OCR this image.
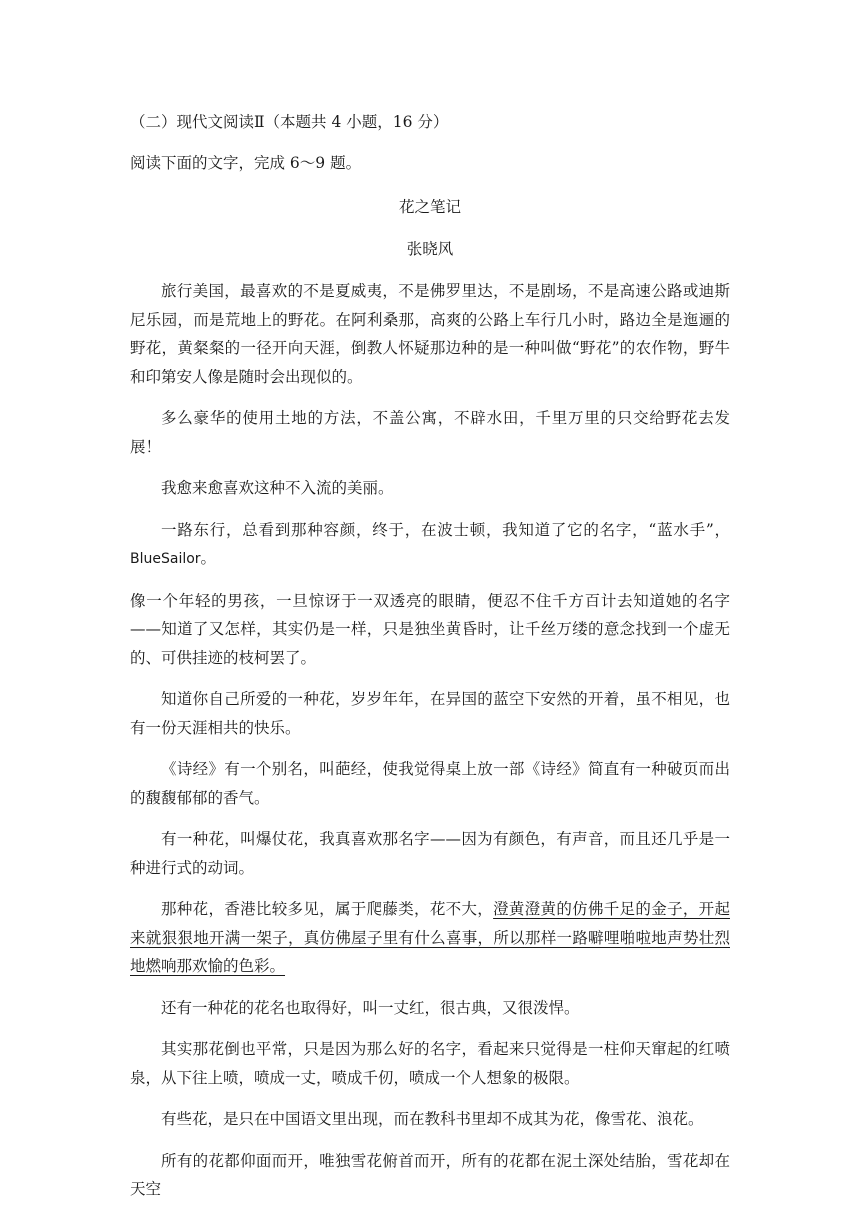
（二）现代文阅读Ⅱ（本题共 4 小题，16 分）
阅读下面的文字，完成 6～9 题。
花之笔记
张晓风

旅行美国，最喜欢的不是夏威夷，不是佛罗里达，不是剧场，不是高速公路或迪斯尼乐园，而是荒地上的野花。在阿利桑那，高爽的公路上车行几小时，路边全是迤逦的野花，黄粲粲的一径开向天涯，倒教人怀疑那边种的是一种叫做“野花”的农作物，野牛和印第安人像是随时会出现似的。

多么豪华的使用土地的方法，不盖公寓，不辟水田，千里万里的只交给野花去发展！

我愈来愈喜欢这种不入流的美丽。

一路东行，总看到那种容颜，终于，在波士顿，我知道了它的名字，“蓝水手”，BlueSailor。

像一个年轻的男孩，一旦惊讶于一双透亮的眼睛，便忍不住千方百计去知道她的名字——知道了又怎样，其实仍是一样，只是独坐黄昏时，让千丝万缕的意念找到一个虚无的、可供挂迹的枝柯罢了。

知道你自己所爱的一种花，岁岁年年，在异国的蓝空下安然的开着，虽不相见，也有一份天涯相共的快乐。

《诗经》有一个别名，叫葩经，使我觉得桌上放一部《诗经》简直有一种破页而出的馥馥郁郁的香气。

有一种花，叫爆仗花，我真喜欢那名字——因为有颜色，有声音，而且还几乎是一种进行式的动词。

那种花，香港比较多见，属于爬藤类，花不大，澄黄澄黄的仿佛千足的金子，开起来就狠狠地开满一架子，真仿佛屋子里有什么喜事，所以那样一路噼哩啪啦地声势壮烈地燃响那欢愉的色彩。

还有一种花的花名也取得好，叫一丈红，很古典，又很泼悍。

其实那花倒也平常，只是因为那么好的名字，看起来只觉得是一柱仰天窜起的红喷泉，从下往上喷，喷成一丈，喷成千仞，喷成一个人想象的极限。

有些花，是只在中国语文里出现，而在教科书里却不成其为花，像雪花、浪花。

所有的花都仰面而开，唯独雪花俯首而开，所有的花都在泥土深处结胎，雪花却在天空
